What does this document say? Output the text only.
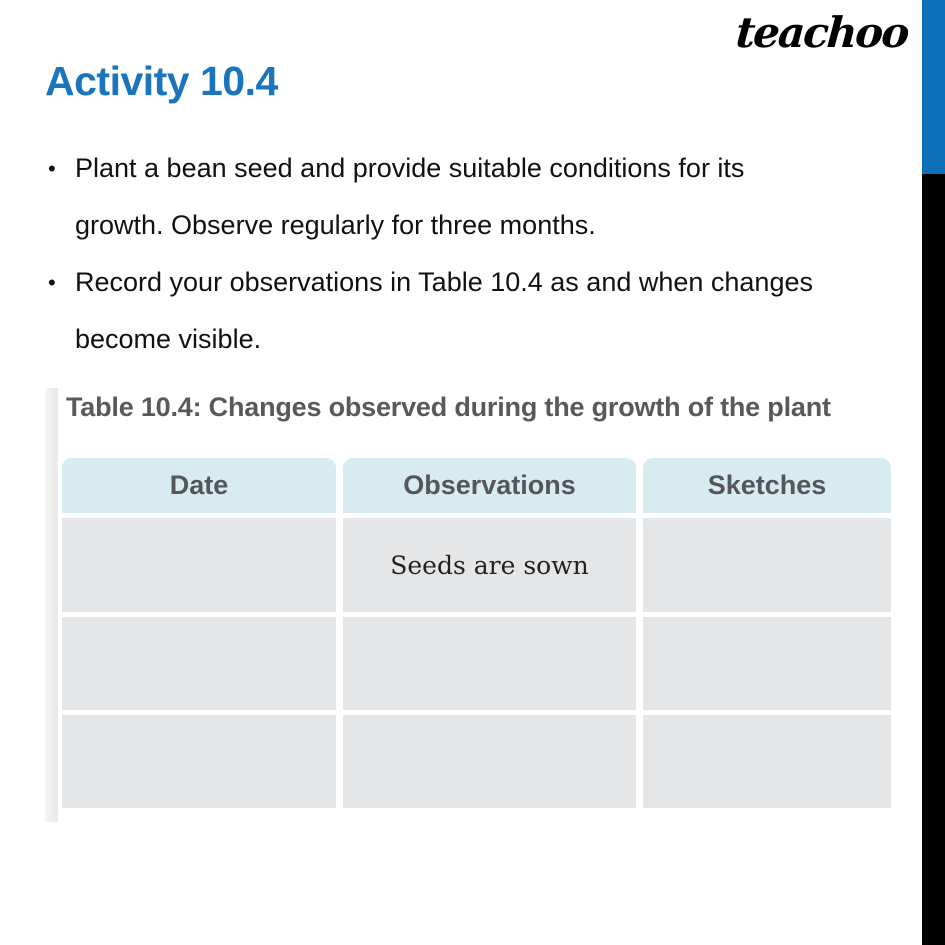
teachoo
Activity 10.4
• Plant a bean seed and provide suitable conditions for its
growth. Observe regularly for three months.
• Record your observations in Table 10.4 as and when changes
become visible.
Table 10.4: Changes observed during the growth of the plant
Date	Observations	Sketches
Seeds are sown
